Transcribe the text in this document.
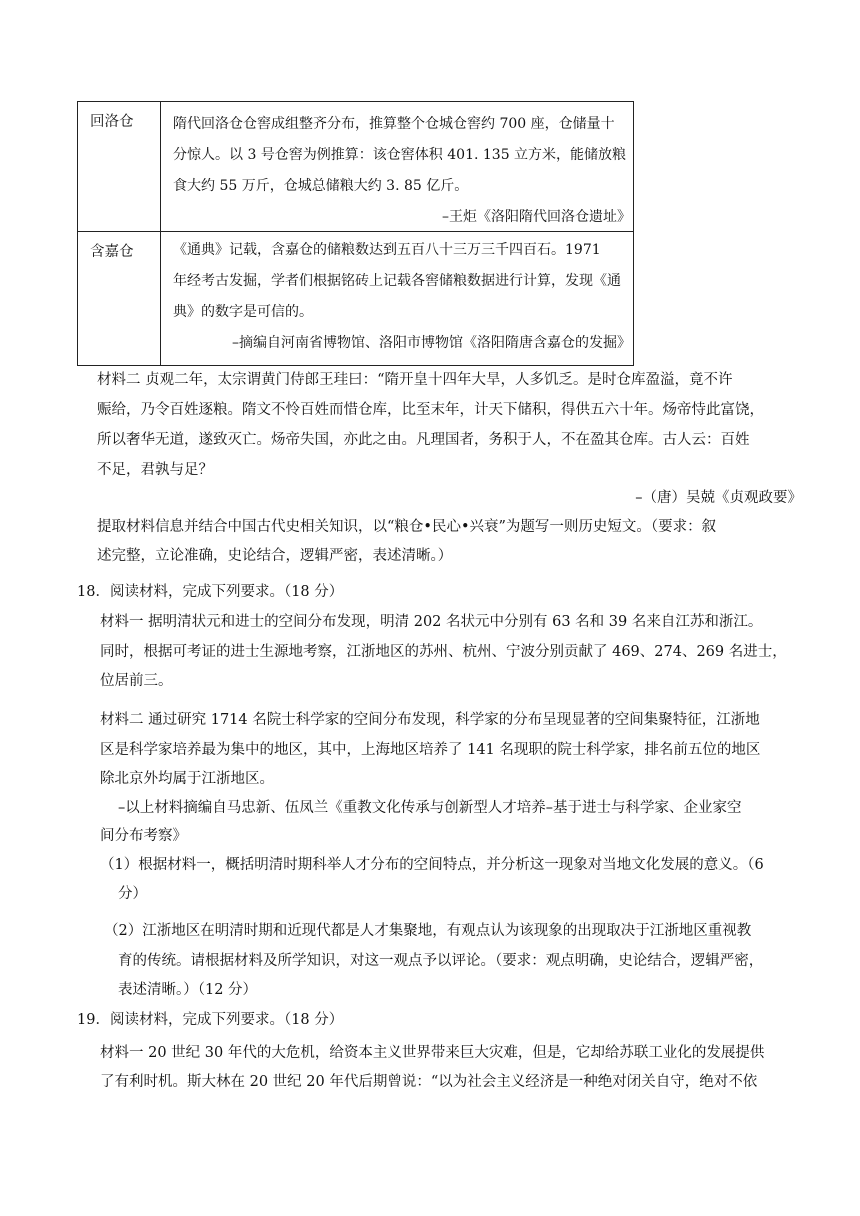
回洛仓	隋代回洛仓仓窖成组整齐分布，推算整个仓城仓窖约 700 座，仓储量十
分惊人。以 3 号仓窖为例推算：该仓窖体积 401. 135 立方米，能储放粮
食大约 55 万斤，仓城总储粮大约 3. 85 亿斤。
–王炬《洛阳隋代回洛仓遗址》

含嘉仓	《通典》记载，含嘉仓的储粮数达到五百八十三万三千四百石。1971
年经考古发掘，学者们根据铭砖上记载各窖储粮数据进行计算，发现《通
典》的数字是可信的。
–摘编自河南省博物馆、洛阳市博物馆《洛阳隋唐含嘉仓的发掘》
材料二 贞观二年，太宗谓黄门侍郎王珪曰：“隋开皇十四年大旱，人多饥乏。是时仓库盈溢，竟不许
赈给，乃令百姓逐粮。隋文不怜百姓而惜仓库，比至末年，计天下储积，得供五六十年。炀帝恃此富饶，
所以奢华无道，遂致灭亡。炀帝失国，亦此之由。凡理国者，务积于人，不在盈其仓库。古人云：百姓
不足，君孰与足？
–（唐）吴兢《贞观政要》
提取材料信息并结合中国古代史相关知识，以“粮仓•民心•兴衰”为题写一则历史短文。（要求：叙
述完整，立论准确，史论结合，逻辑严密，表述清晰。）
18．阅读材料，完成下列要求。（18 分）
材料一 据明清状元和进士的空间分布发现，明清 202 名状元中分别有 63 名和 39 名来自江苏和浙江。
同时，根据可考证的进士生源地考察，江浙地区的苏州、杭州、宁波分别贡献了 469、274、269 名进士，
位居前三。
材料二 通过研究 1714 名院士科学家的空间分布发现，科学家的分布呈现显著的空间集聚特征，江浙地
区是科学家培养最为集中的地区，其中，上海地区培养了 141 名现职的院士科学家，排名前五位的地区
除北京外均属于江浙地区。
–以上材料摘编自马忠新、伍凤兰《重教文化传承与创新型人才培养–基于进士与科学家、企业家空
间分布考察》
（1）根据材料一，概括明清时期科举人才分布的空间特点，并分析这一现象对当地文化发展的意义。（6
分）
（2）江浙地区在明清时期和近现代都是人才集聚地，有观点认为该现象的出现取决于江浙地区重视教
育的传统。请根据材料及所学知识，对这一观点予以评论。（要求：观点明确，史论结合，逻辑严密，
表述清晰。）（12 分）
19．阅读材料，完成下列要求。（18 分）
材料一 20 世纪 30 年代的大危机，给资本主义世界带来巨大灾难，但是，它却给苏联工业化的发展提供
了有利时机。斯大林在 20 世纪 20 年代后期曾说：“以为社会主义经济是一种绝对闭关自守，绝对不依
